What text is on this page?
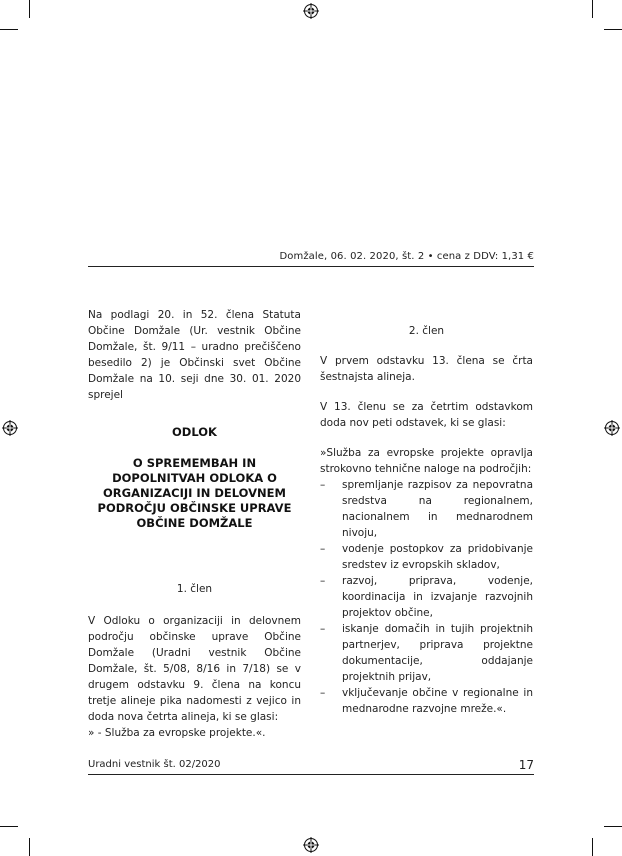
Domžale, 06. 02. 2020, št. 2 • cena z DDV: 1,31 €

Na podlagi 20. in 52. člena Statuta Občine Domžale (Ur. vestnik Občine Domžale, št. 9/11 – uradno prečiščeno besedilo 2) je Občinski svet Občine Domžale na 10. seji dne 30. 01. 2020 sprejel

ODLOK
O SPREMEMBAH IN DOPOLNITVAH ODLOKA O ORGANIZACIJI IN DELOVNEM PODROČJU OBČINSKE UPRAVE OBČINE DOMŽALE

1. člen

V Odloku o organizaciji in delovnem področju občinske uprave Občine Domžale (Uradni vestnik Občine Domžale, št. 5/08, 8/16 in 7/18) se v drugem odstavku 9. člena na koncu tretje alineje pika nadomesti z vejico in doda nova četrta alineja, ki se glasi:

» - Služba za evropske projekte.«.

2. člen

V prvem odstavku 13. člena se črta šestnajsta alineja.

V 13. členu se za četrtim odstavkom doda nov peti odstavek, ki se glasi:

»Služba za evropske projekte opravlja strokovno tehnične naloge na področjih:

– spremljanje razpisov za nepovratna sredstva na regionalnem, nacionalnem in mednarodnem nivoju,
– vodenje postopkov za pridobivanje sredstev iz evropskih skladov,
– razvoj, priprava, vodenje, koordinacija in izvajanje razvojnih projektov občine,
– iskanje domačih in tujih projektnih partnerjev, priprava projektne dokumentacije, oddajanje projektnih prijav,
– vključevanje občine v regionalne in mednarodne razvojne mreže.«.
Uradni vestnik št. 02/2020	17
